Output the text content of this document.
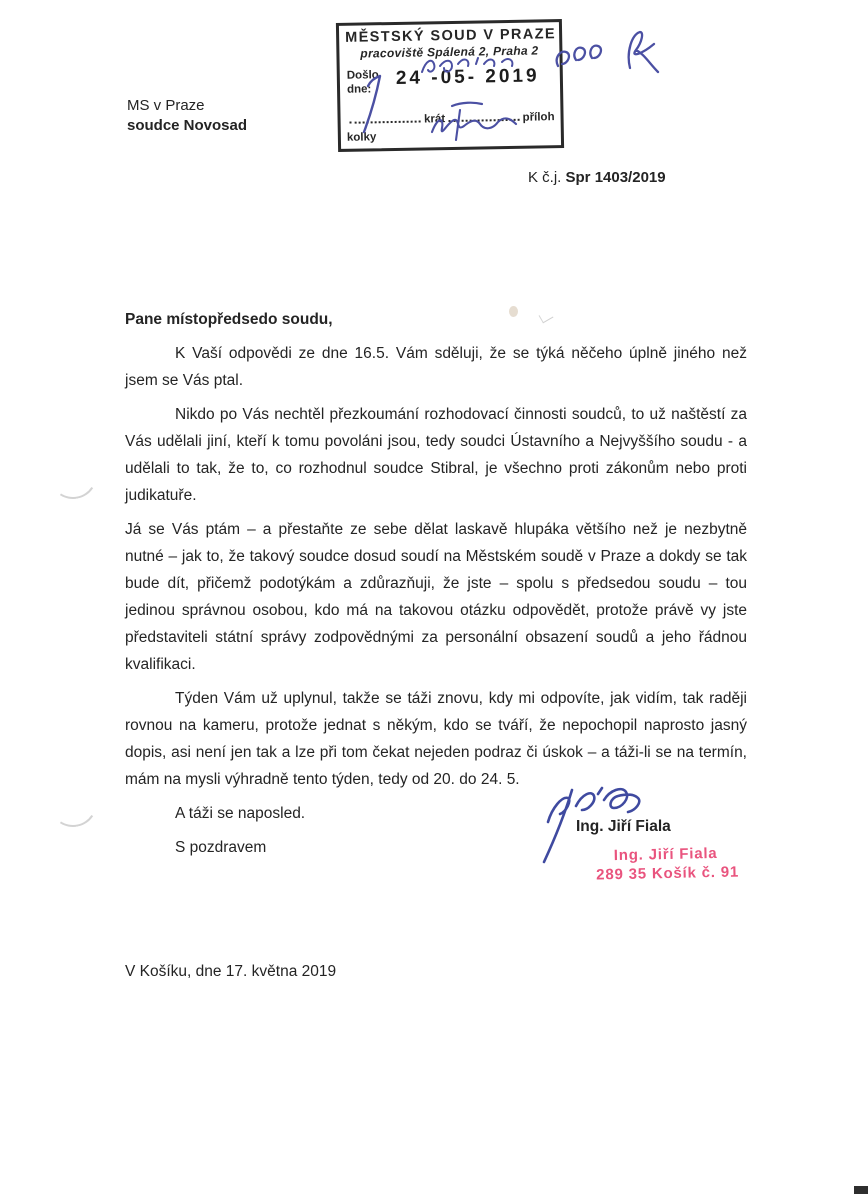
MS v Praze
soudce Novosad
MĚSTSKÝ SOUD V PRAZE
pracoviště Spálená 2, Praha 2
Došlo
dne:
24 -05- 2019
krát	příloh
kolky
K č.j. Spr 1403/2019

Pane místopředsedo soudu,

K Vaší odpovědi ze dne 16.5. Vám sděluji, že se týká něčeho úplně jiného než jsem se Vás ptal.

Nikdo po Vás nechtěl přezkoumání rozhodovací činnosti soudců, to už naštěstí za Vás udělali jiní, kteří k tomu povoláni jsou, tedy soudci Ústavního a Nejvyššího soudu - a udělali to tak, že to, co rozhodnul soudce Stibral, je všechno proti zákonům nebo proti judikatuře.

Já se Vás ptám – a přestaňte ze sebe dělat laskavě hlupáka většího než je nezbytně nutné – jak to, že takový soudce dosud soudí na Městském soudě v Praze a dokdy se tak bude dít, přičemž podotýkám a zdůrazňuji, že jste – spolu s předsedou soudu – tou jedinou správnou osobou, kdo má na takovou otázku odpovědět, protože právě vy jste představiteli státní správy zodpovědnými za personální obsazení soudů a jeho řádnou kvalifikaci.

Týden Vám už uplynul, takže se táži znovu, kdy mi odpovíte, jak vidím, tak raději rovnou na kameru, protože jednat s někým, kdo se tváří, že nepochopil naprosto jasný dopis, asi není jen tak a lze při tom čekat nejeden podraz či úskok – a táži-li se na termín, mám na mysli výhradně tento týden, tedy od 20. do 24. 5.

A táži se naposled.

S pozdravem

Ing. Jiří Fiala
Ing. Jiří Fiala
289 35 Košík č. 91
V Košíku, dne 17. května 2019
